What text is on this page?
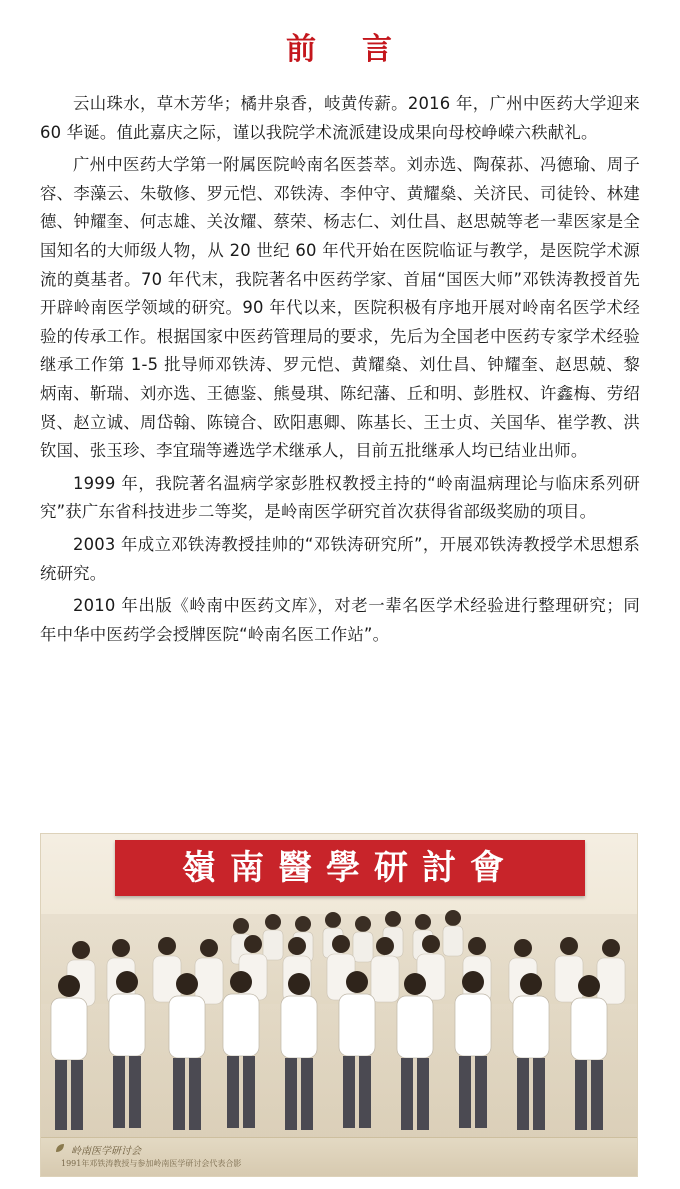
前 言

云山珠水，草木芳华；橘井泉香，岐黄传薪。2016 年，广州中医药大学迎来 60 华诞。值此嘉庆之际，谨以我院学术流派建设成果向母校峥嵘六秩献礼。

广州中医药大学第一附属医院岭南名医荟萃。刘赤选、陶葆荪、冯德瑜、周子容、李藻云、朱敬修、罗元恺、邓铁涛、李仲守、黄耀燊、关济民、司徒铃、林建德、钟耀奎、何志雄、关汝耀、蔡荣、杨志仁、刘仕昌、赵思兢等老一辈医家是全国知名的大师级人物，从 20 世纪 60 年代开始在医院临证与教学，是医院学术源流的奠基者。70 年代末，我院著名中医药学家、首届“国医大师”邓铁涛教授首先开辟岭南医学领域的研究。90 年代以来，医院积极有序地开展对岭南名医学术经验的传承工作。根据国家中医药管理局的要求，先后为全国老中医药专家学术经验继承工作第 1-5 批导师邓铁涛、罗元恺、黄耀燊、刘仕昌、钟耀奎、赵思兢、黎炳南、靳瑞、刘亦选、王德鉴、熊曼琪、陈纪藩、丘和明、彭胜权、许鑫梅、劳绍贤、赵立诚、周岱翰、陈镜合、欧阳惠卿、陈基长、王士贞、关国华、崔学教、洪钦国、张玉珍、李宜瑞等遴选学术继承人，目前五批继承人均已结业出师。

1999 年，我院著名温病学家彭胜权教授主持的“岭南温病理论与临床系列研究”获广东省科技进步二等奖，是岭南医学研究首次获得省部级奖励的项目。

2003 年成立邓铁涛教授挂帅的“邓铁涛研究所”，开展邓铁涛教授学术思想系统研究。

2010 年出版《岭南中医药文库》，对老一辈名医学术经验进行整理研究；同年中华中医药学会授牌医院“岭南名医工作站”。

嶺南醫學研討會
岭南医学研讨会
1991年邓铁涛教授与参加岭南医学研讨会代表合影
